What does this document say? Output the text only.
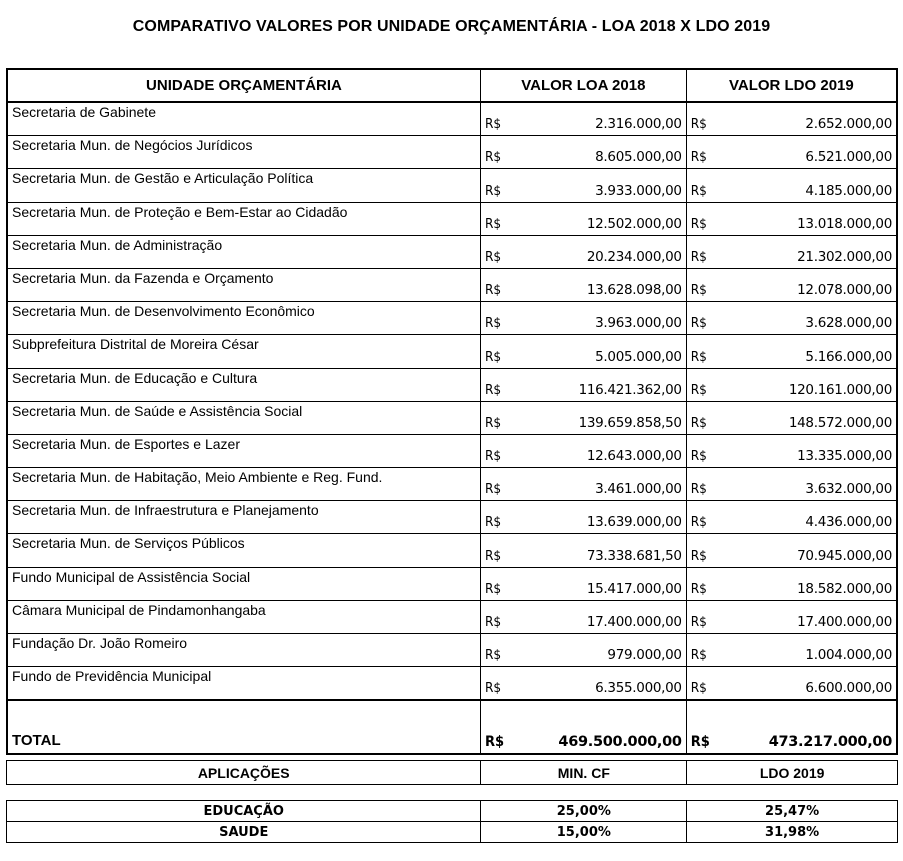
COMPARATIVO VALORES POR UNIDADE ORÇAMENTÁRIA - LOA 2018 X LDO 2019
UNIDADE ORÇAMENTÁRIA	VALOR LOA 2018		VALOR LDO 2019	
Secretaria de Gabinete	R$	2.316.000,00	R$	2.652.000,00
Secretaria Mun. de Negócios Jurídicos	R$	8.605.000,00	R$	6.521.000,00
Secretaria Mun. de Gestão e Articulação Política	R$	3.933.000,00	R$	4.185.000,00
Secretaria Mun. de Proteção e Bem-Estar ao Cidadão	R$	12.502.000,00	R$	13.018.000,00
Secretaria Mun. de Administração	R$	20.234.000,00	R$	21.302.000,00
Secretaria Mun. da Fazenda e Orçamento	R$	13.628.098,00	R$	12.078.000,00
Secretaria Mun. de Desenvolvimento Econômico	R$	3.963.000,00	R$	3.628.000,00
Subprefeitura Distrital de Moreira César	R$	5.005.000,00	R$	5.166.000,00
Secretaria Mun. de Educação e Cultura	R$	116.421.362,00	R$	120.161.000,00
Secretaria Mun. de Saúde e Assistência Social	R$	139.659.858,50	R$	148.572.000,00
Secretaria Mun. de Esportes e Lazer	R$	12.643.000,00	R$	13.335.000,00
Secretaria Mun. de Habitação, Meio Ambiente e Reg. Fund.	R$	3.461.000,00	R$	3.632.000,00
Secretaria Mun. de Infraestrutura e Planejamento	R$	13.639.000,00	R$	4.436.000,00
Secretaria Mun. de Serviços Públicos	R$	73.338.681,50	R$	70.945.000,00
Fundo Municipal de Assistência Social	R$	15.417.000,00	R$	18.582.000,00
Câmara Municipal de Pindamonhangaba	R$	17.400.000,00	R$	17.400.000,00
Fundação Dr. João Romeiro	R$	979.000,00	R$	1.004.000,00
Fundo de Previdência Municipal	R$	6.355.000,00	R$	6.600.000,00
TOTAL	R$	469.500.000,00	R$	473.217.000,00
APLICAÇÕES	MIN. CF	LDO 2019

EDUCAÇÃO	25,00%	25,47%
SAUDE	15,00%	31,98%
